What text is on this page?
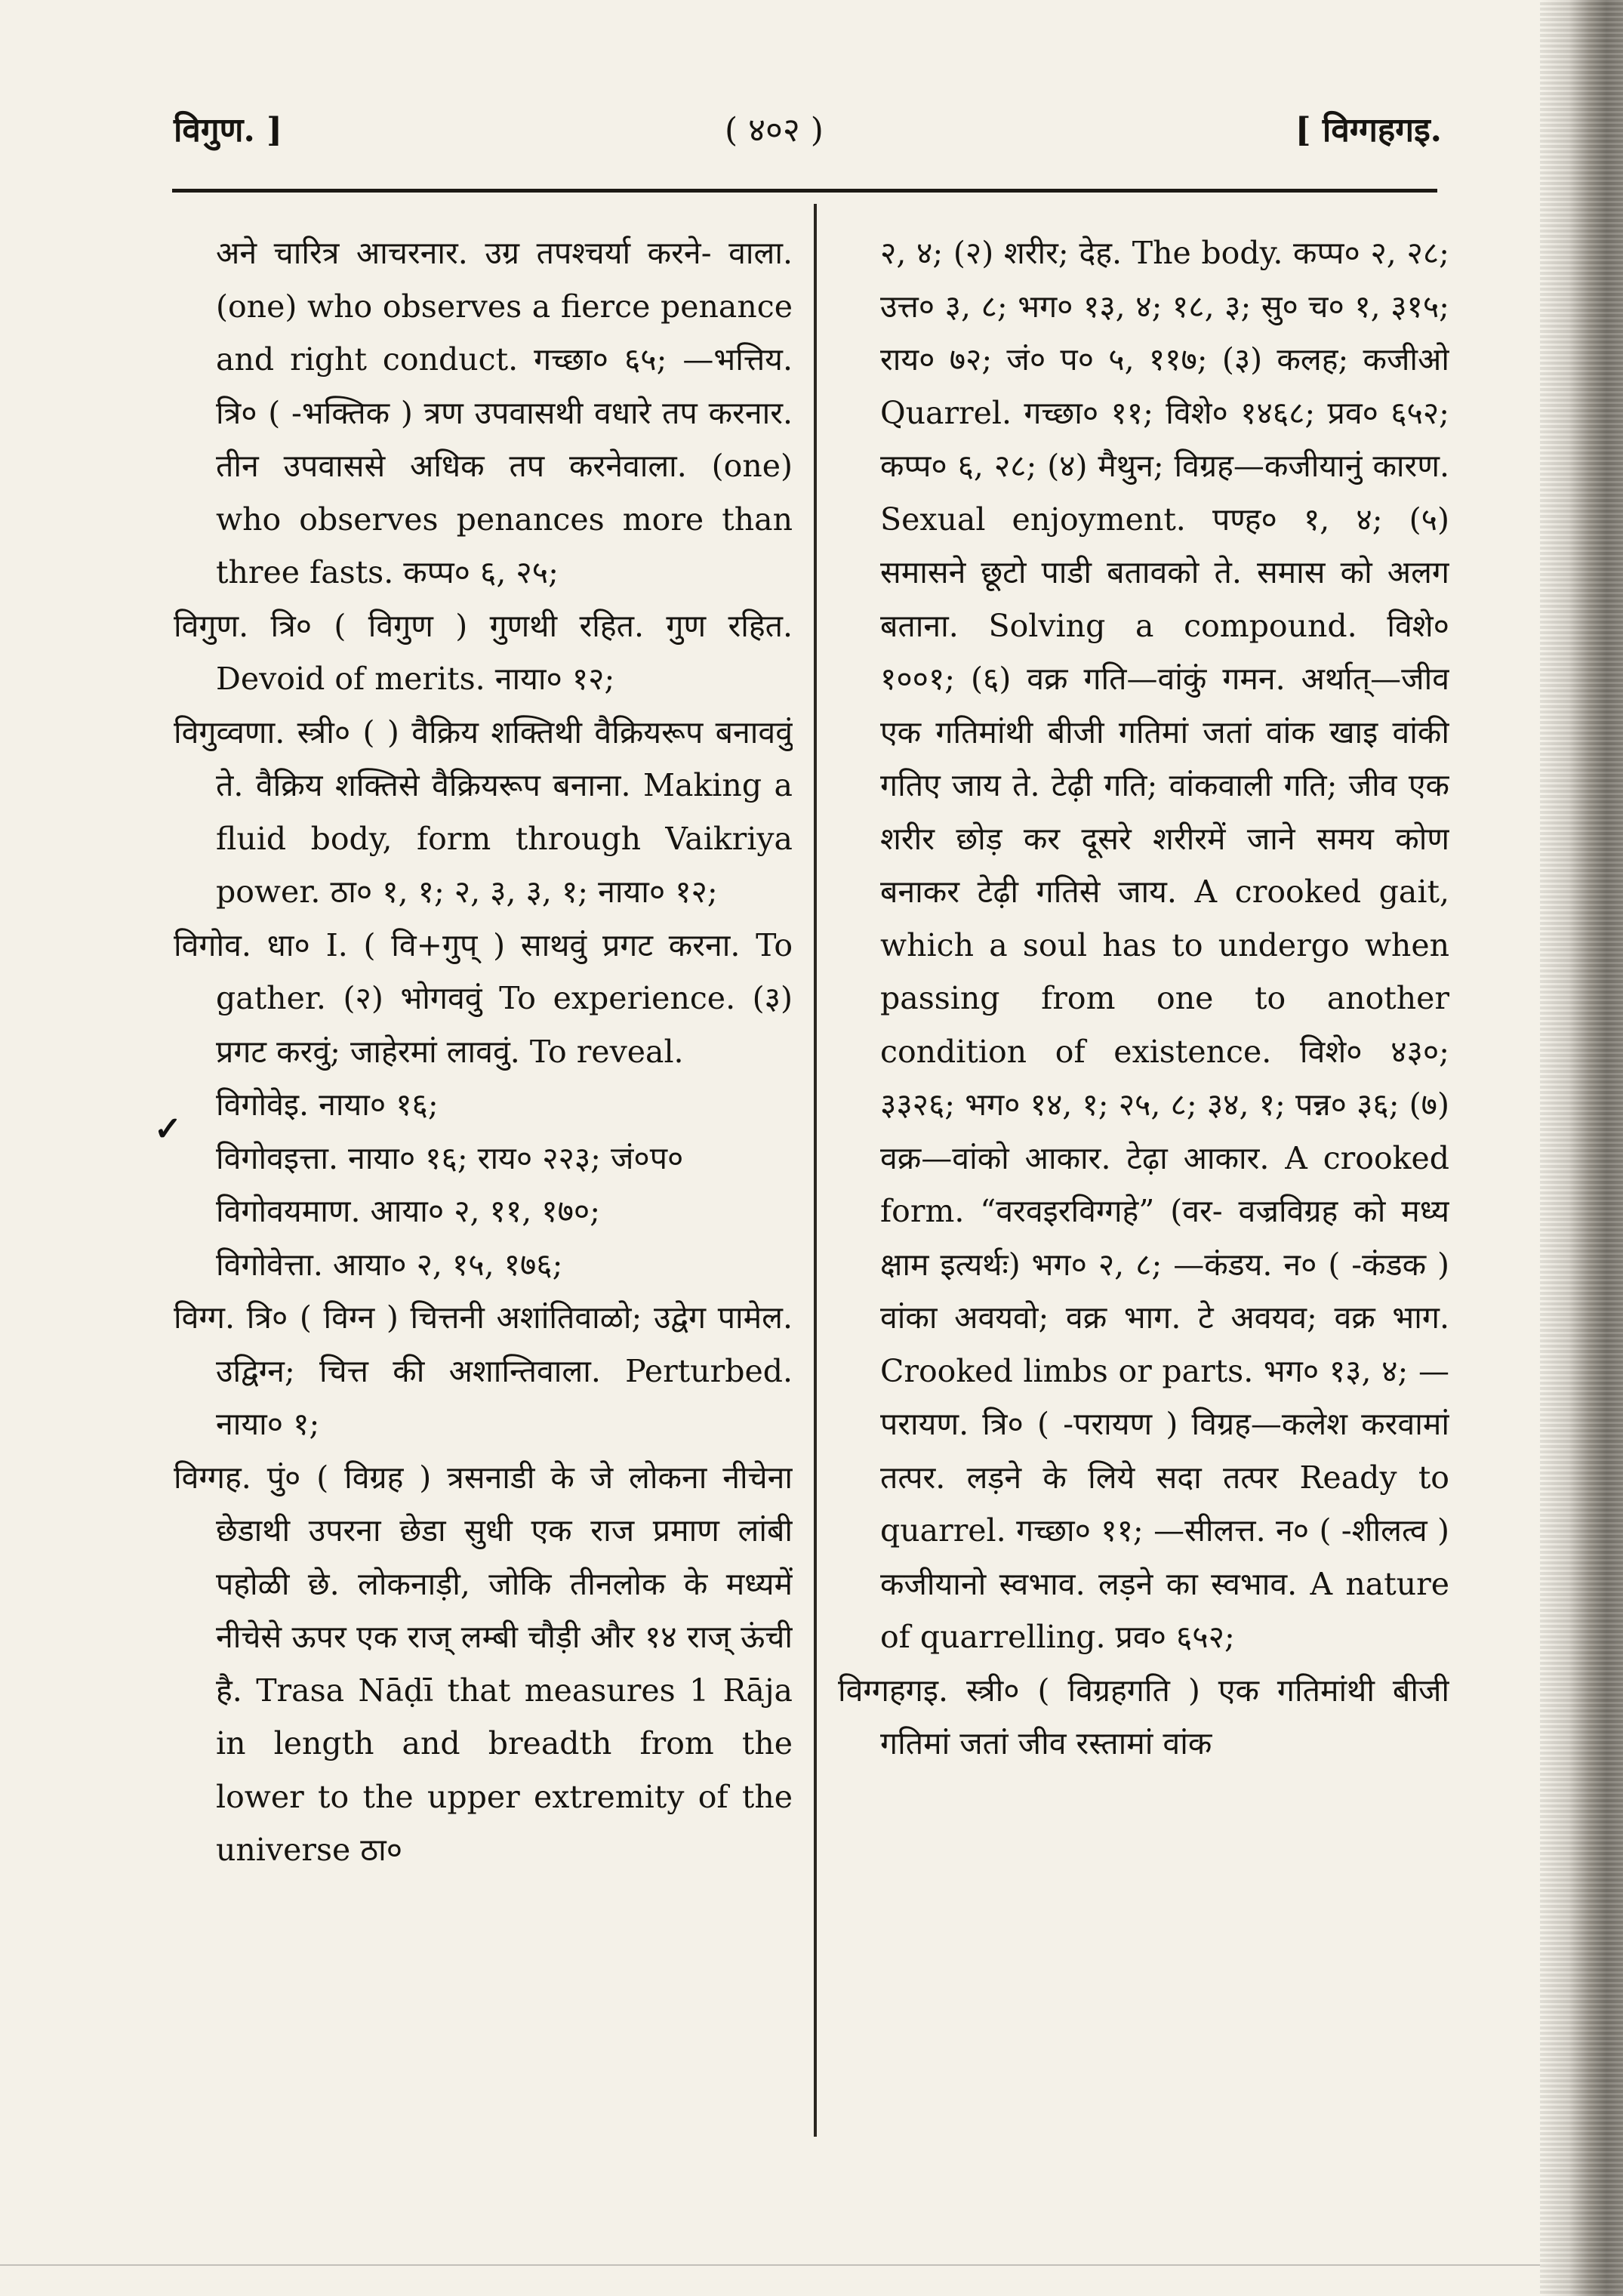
विगुण. ]	( ४०२ )	[ विग्गहगइ.
✓

अने चारित्र आचरनार. उग्र तपश्चर्या करने- वाला. (one) who observes a fierce penance and right conduct. गच्छा० ६५; —भत्तिय. त्रि० ( -भक्तिक ) त्रण उपवासथी वधारे तप करनार. तीन उपवाससे अधिक तप करनेवाला. (one) who observes penances more than three fasts. कप्प० ६, २५;

विगुण. त्रि० ( विगुण ) गुणथी रहित. गुण रहित. Devoid of merits. नाया० १२;

विगुव्वणा. स्त्री० ( ) वैक्रिय शक्तिथी वैक्रियरूप बनाववुं ते. वैक्रिय शक्तिसे वैक्रियरूप बनाना. Making a fluid body, form through Vaikriya power. ठा० १, १; २, ३, ३, १; नाया० १२;

विगोव. धा० I. ( वि+गुप् ) साथवुं प्रगट करना. To gather. (२) भोगववुं To experience. (३) प्रगट करवुं; जाहेरमां लाववुं. To reveal.

विगोवेइ. नाया० १६;

विगोवइत्ता. नाया० १६; राय० २२३; जं०प०

विगोवयमाण. आया० २, ११, १७०;

विगोवेत्ता. आया० २, १५, १७६;

विग्ग. त्रि० ( विग्न ) चित्तनी अशांतिवाळो; उद्वेग पामेल. उद्विग्न; चित्त की अशान्तिवाला. Perturbed. नाया० १;

विग्गह. पुं० ( विग्रह ) त्रसनाडी के जे लोकना नीचेना छेडाथी उपरना छेडा सुधी एक राज प्रमाण लांबी पहोळी छे. लोकनाड़ी, जोकि तीनलोक के मध्यमें नीचेसे ऊपर एक राज् लम्बी चौड़ी और १४ राज् ऊंची है. Trasa Nāḍī that measures 1 Rāja in length and breadth from the lower to the upper extremity of the universe ठा०

२, ४; (२) शरीर; देह. The body. कप्प० २, २८; उत्त० ३, ८; भग० १३, ४; १८, ३; सु० च० १, ३१५; राय० ७२; जं० प० ५, ११७; (३) कलह; कजीओ Quarrel. गच्छा० ११; विशे० १४६८; प्रव० ६५२; कप्प० ६, २८; (४) मैथुन; विग्रह—कजीयानुं कारण. Sexual enjoyment. पण्ह० १, ४; (५) समासने छूटो पाडी बतावको ते. समास को अलग बताना. Solving a compound. विशे० १००१; (६) वक्र गति—वांकुं गमन. अर्थात्—जीव एक गतिमांथी बीजी गतिमां जतां वांक खाइ वांकी गतिए जाय ते. टेढ़ी गति; वांकवाली गति; जीव एक शरीर छोड़ कर दूसरे शरीरमें जाने समय कोण बनाकर टेढ़ी गतिसे जाय. A crooked gait, which a soul has to undergo when passing from one to another condition of existence. विशे० ४३०; ३३२६; भग० १४, १; २५, ८; ३४, १; पन्न० ३६; (७) वक्र—वांको आकार. टेढ़ा आकार. A crooked form. “वरवइरविग्गहे” (वर- वज्रविग्रह को मध्य क्षाम इत्यर्थः) भग० २, ८; —कंडय. न० ( -कंडक ) वांका अवयवो; वक्र भाग. टे अवयव; वक्र भाग. Crooked limbs or parts. भग० १३, ४; —परायण. त्रि० ( -परायण ) विग्रह—कलेश करवामां तत्पर. लड़ने के लिये सदा तत्पर Ready to quarrel. गच्छा० ११; —सीलत्त. न० ( -शीलत्व ) कजीयानो स्वभाव. लड़ने का स्वभाव. A nature of quarrelling. प्रव० ६५२;

विग्गहगइ. स्त्री० ( विग्रहगति ) एक गतिमांथी बीजी गतिमां जतां जीव रस्तामां वांक
